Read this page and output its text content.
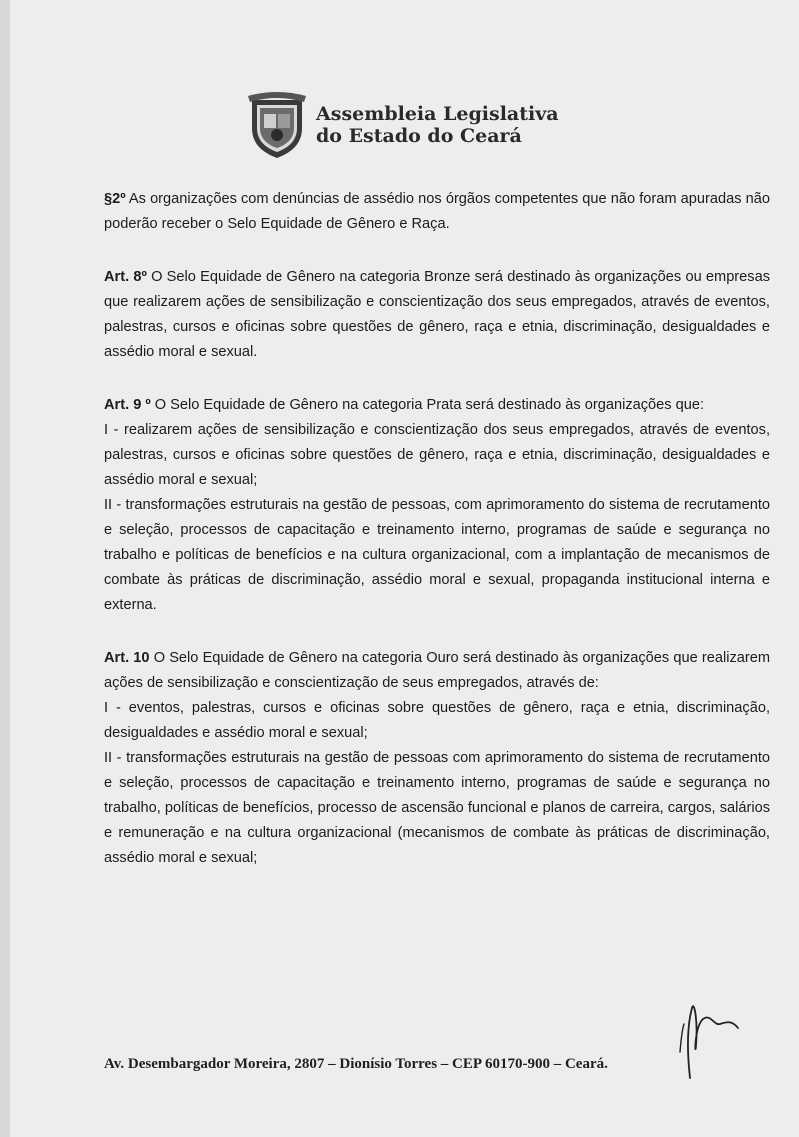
Assembleia Legislativa
do Estado do Ceará

§2º As organizações com denúncias de assédio nos órgãos competentes que não foram apuradas não poderão receber o Selo Equidade de Gênero e Raça.

Art. 8º O Selo Equidade de Gênero na categoria Bronze será destinado às organizações ou empresas que realizarem ações de sensibilização e conscientização dos seus empregados, através de eventos, palestras, cursos e oficinas sobre questões de gênero, raça e etnia, discriminação, desigualdades e assédio moral e sexual.

Art. 9 º O Selo Equidade de Gênero na categoria Prata será destinado às organizações que:
I - realizarem ações de sensibilização e conscientização dos seus empregados, através de eventos, palestras, cursos e oficinas sobre questões de gênero, raça e etnia, discriminação, desigualdades e assédio moral e sexual;
II - transformações estruturais na gestão de pessoas, com aprimoramento do sistema de recrutamento e seleção, processos de capacitação e treinamento interno, programas de saúde e segurança no trabalho e políticas de benefícios e na cultura organizacional, com a implantação de mecanismos de combate às práticas de discriminação, assédio moral e sexual, propaganda institucional interna e externa.

Art. 10 O Selo Equidade de Gênero na categoria Ouro será destinado às organizações que realizarem ações de sensibilização e conscientização de seus empregados, através de:
I - eventos, palestras, cursos e oficinas sobre questões de gênero, raça e etnia, discriminação, desigualdades e assédio moral e sexual;
II - transformações estruturais na gestão de pessoas com aprimoramento do sistema de recrutamento e seleção, processos de capacitação e treinamento interno, programas de saúde e segurança no trabalho, políticas de benefícios, processo de ascensão funcional e planos de carreira, cargos, salários e remuneração e na cultura organizacional (mecanismos de combate às práticas de discriminação, assédio moral e sexual;

Av. Desembargador Moreira, 2807 – Dionísio Torres – CEP 60170-900 – Ceará.
